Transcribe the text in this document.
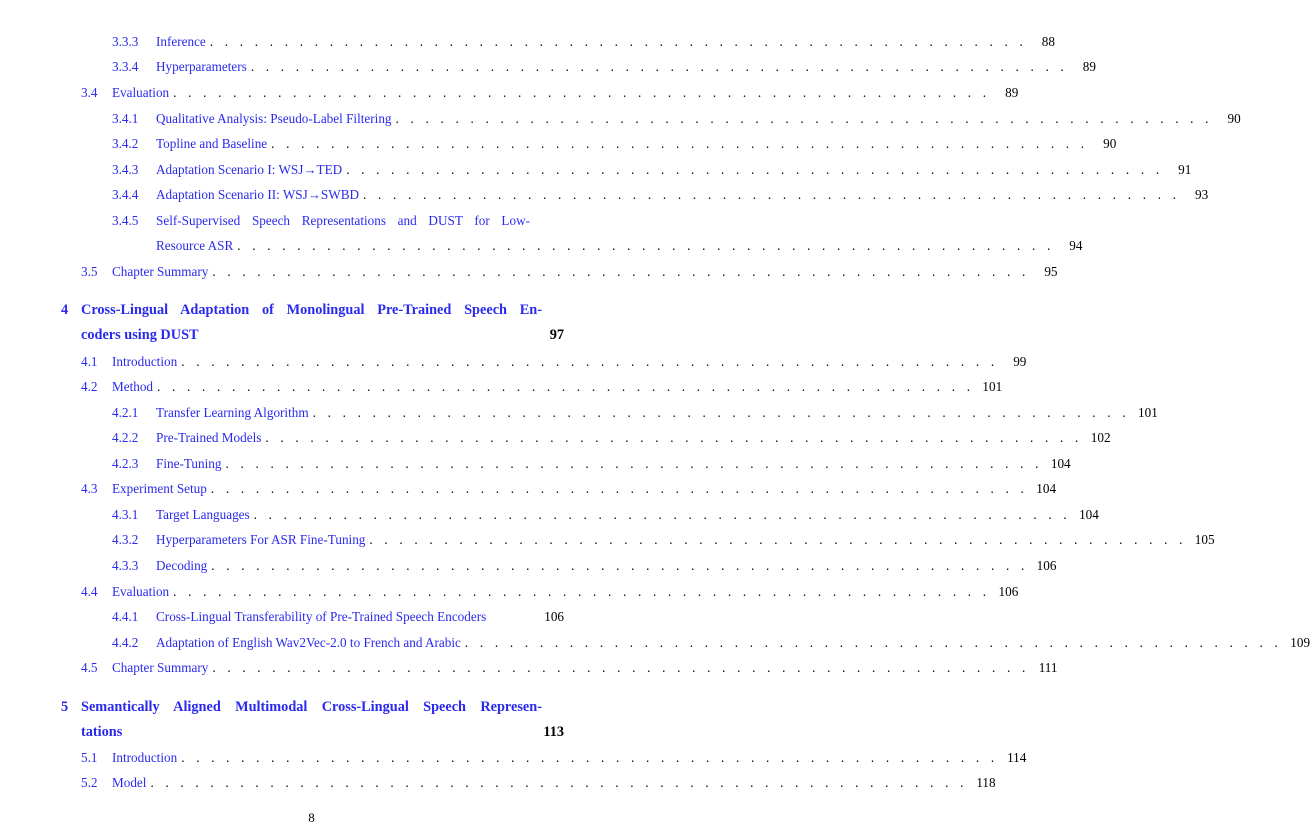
3.3.3	Inference . . . . . . . . . . . . . . . . . . . . . . . . . . . . . . . . . . . . . . . . . . . . . . . . . . . . . . .	88
3.3.4	Hyperparameters . . . . . . . . . . . . . . . . . . . . . . . . . . . . . . . . . . . . . . . . . . . . . . . . . . . . . . .	89
3.4	Evaluation . . . . . . . . . . . . . . . . . . . . . . . . . . . . . . . . . . . . . . . . . . . . . . . . . . . . . . .	89
3.4.1	Qualitative Analysis: Pseudo-Label Filtering . . . . . . . . . . . . . . . . . . . . . . . . . . . . . . . . . . . . . . . . . . . . . . . . . . . . . . .	90
3.4.2	Topline and Baseline . . . . . . . . . . . . . . . . . . . . . . . . . . . . . . . . . . . . . . . . . . . . . . . . . . . . . . .	90
3.4.3	Adaptation Scenario I: WSJ→TED . . . . . . . . . . . . . . . . . . . . . . . . . . . . . . . . . . . . . . . . . . . . . . . . . . . . . . .	91
3.4.4	Adaptation Scenario II: WSJ→SWBD . . . . . . . . . . . . . . . . . . . . . . . . . . . . . . . . . . . . . . . . . . . . . . . . . . . . . . .	93
3.4.5	Self-Supervised Speech Representations and DUST for Low-
Resource ASR . . . . . . . . . . . . . . . . . . . . . . . . . . . . . . . . . . . . . . . . . . . . . . . . . . . . . . .	94
3.5	Chapter Summary . . . . . . . . . . . . . . . . . . . . . . . . . . . . . . . . . . . . . . . . . . . . . . . . . . . . . . .	95
4 Cross-Lingual Adaptation of Monolingual Pre-Trained Speech En-
coders using DUST	97
4.1	Introduction . . . . . . . . . . . . . . . . . . . . . . . . . . . . . . . . . . . . . . . . . . . . . . . . . . . . . . .	99
4.2	Method . . . . . . . . . . . . . . . . . . . . . . . . . . . . . . . . . . . . . . . . . . . . . . . . . . . . . . . 101
4.2.1	Transfer Learning Algorithm . . . . . . . . . . . . . . . . . . . . . . . . . . . . . . . . . . . . . . . . . . . . . . . . . . . . . . . 101
4.2.2	Pre-Trained Models . . . . . . . . . . . . . . . . . . . . . . . . . . . . . . . . . . . . . . . . . . . . . . . . . . . . . . . 102
4.2.3	Fine-Tuning . . . . . . . . . . . . . . . . . . . . . . . . . . . . . . . . . . . . . . . . . . . . . . . . . . . . . . . 104
4.3	Experiment Setup . . . . . . . . . . . . . . . . . . . . . . . . . . . . . . . . . . . . . . . . . . . . . . . . . . . . . . . 104
4.3.1	Target Languages . . . . . . . . . . . . . . . . . . . . . . . . . . . . . . . . . . . . . . . . . . . . . . . . . . . . . . . 104
4.3.2	Hyperparameters For ASR Fine-Tuning . . . . . . . . . . . . . . . . . . . . . . . . . . . . . . . . . . . . . . . . . . . . . . . . . . . . . . . 105
4.3.3	Decoding . . . . . . . . . . . . . . . . . . . . . . . . . . . . . . . . . . . . . . . . . . . . . . . . . . . . . . . 106
4.4	Evaluation . . . . . . . . . . . . . . . . . . . . . . . . . . . . . . . . . . . . . . . . . . . . . . . . . . . . . . . 106
4.4.1	Cross-Lingual Transferability of Pre-Trained Speech Encoders	106
4.4.2	Adaptation of English Wav2Vec-2.0 to French and Arabic . . . . . . . . . . . . . . . . . . . . . . . . . . . . . . . . . . . . . . . . . . . . . . . . . . . . . . . 109
4.5	Chapter Summary . . . . . . . . . . . . . . . . . . . . . . . . . . . . . . . . . . . . . . . . . . . . . . . . . . . . . . . 111
5 Semantically Aligned Multimodal Cross-Lingual Speech Represen-
tations	113
5.1	Introduction . . . . . . . . . . . . . . . . . . . . . . . . . . . . . . . . . . . . . . . . . . . . . . . . . . . . . . . 114
5.2	Model . . . . . . . . . . . . . . . . . . . . . . . . . . . . . . . . . . . . . . . . . . . . . . . . . . . . . . . 118
8
